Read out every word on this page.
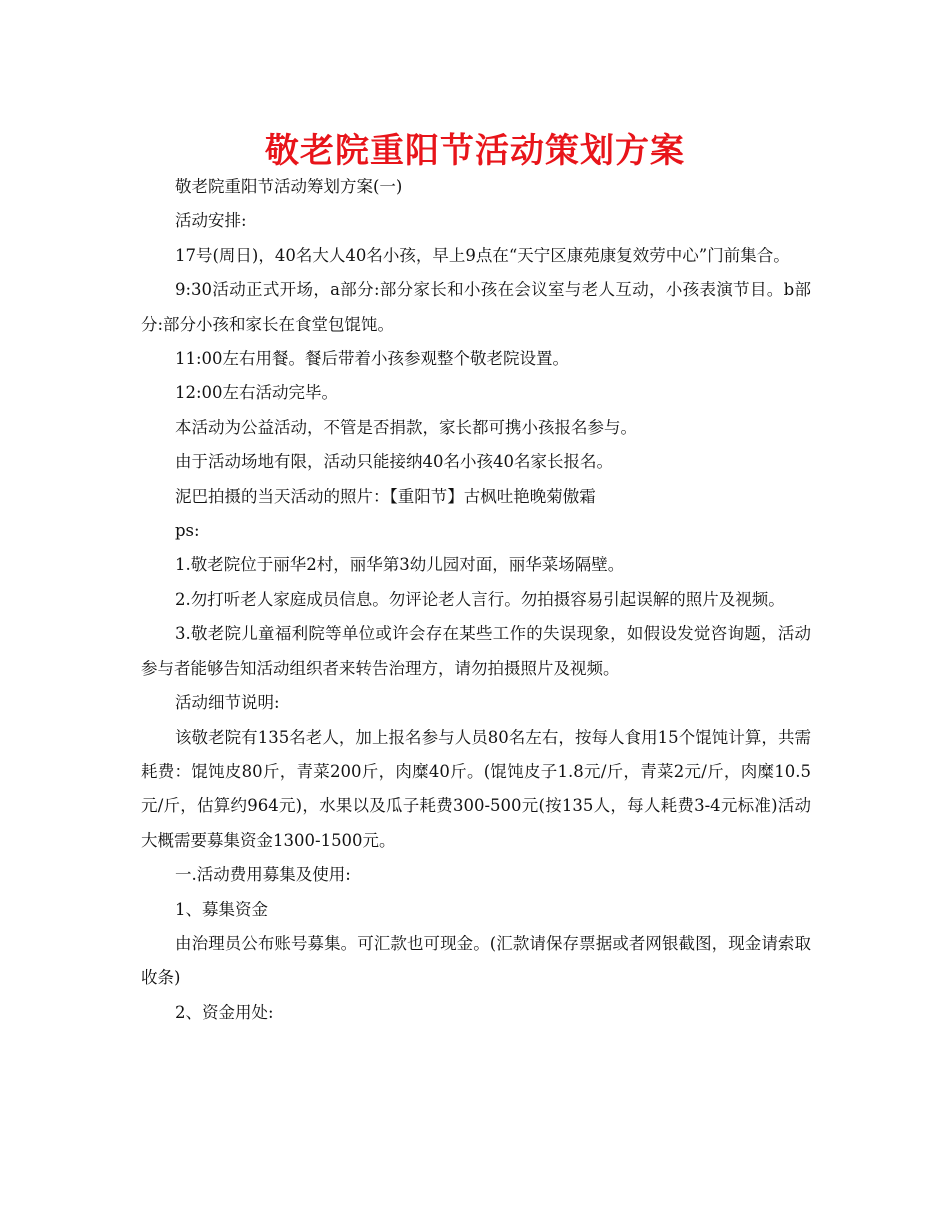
敬老院重阳节活动策划方案

敬老院重阳节活动筹划方案(一)

活动安排:

17号(周日)，40名大人40名小孩，早上9点在“天宁区康苑康复效劳中心”门前集合。

9:30活动正式开场，a部分:部分家长和小孩在会议室与老人互动，小孩表演节目。b部分:部分小孩和家长在食堂包馄饨。

11:00左右用餐。餐后带着小孩参观整个敬老院设置。

12:00左右活动完毕。

本活动为公益活动，不管是否捐款，家长都可携小孩报名参与。

由于活动场地有限，活动只能接纳40名小孩40名家长报名。

泥巴拍摄的当天活动的照片：【重阳节】古枫吐艳晚菊傲霜

ps:

1.敬老院位于丽华2村，丽华第3幼儿园对面，丽华菜场隔壁。

2.勿打听老人家庭成员信息。勿评论老人言行。勿拍摄容易引起误解的照片及视频。

3.敬老院儿童福利院等单位或许会存在某些工作的失误现象，如假设发觉咨询题，活动参与者能够告知活动组织者来转告治理方，请勿拍摄照片及视频。

活动细节说明:

该敬老院有135名老人，加上报名参与人员80名左右，按每人食用15个馄饨计算，共需耗费：馄饨皮80斤，青菜200斤，肉糜40斤。(馄饨皮子1.8元/斤，青菜2元/斤，肉糜10.5元/斤，估算约964元)，水果以及瓜子耗费300-500元(按135人，每人耗费3-4元标准)活动大概需要募集资金1300-1500元。

一.活动费用募集及使用:

1、募集资金

由治理员公布账号募集。可汇款也可现金。(汇款请保存票据或者网银截图，现金请索取收条)

2、资金用处:
